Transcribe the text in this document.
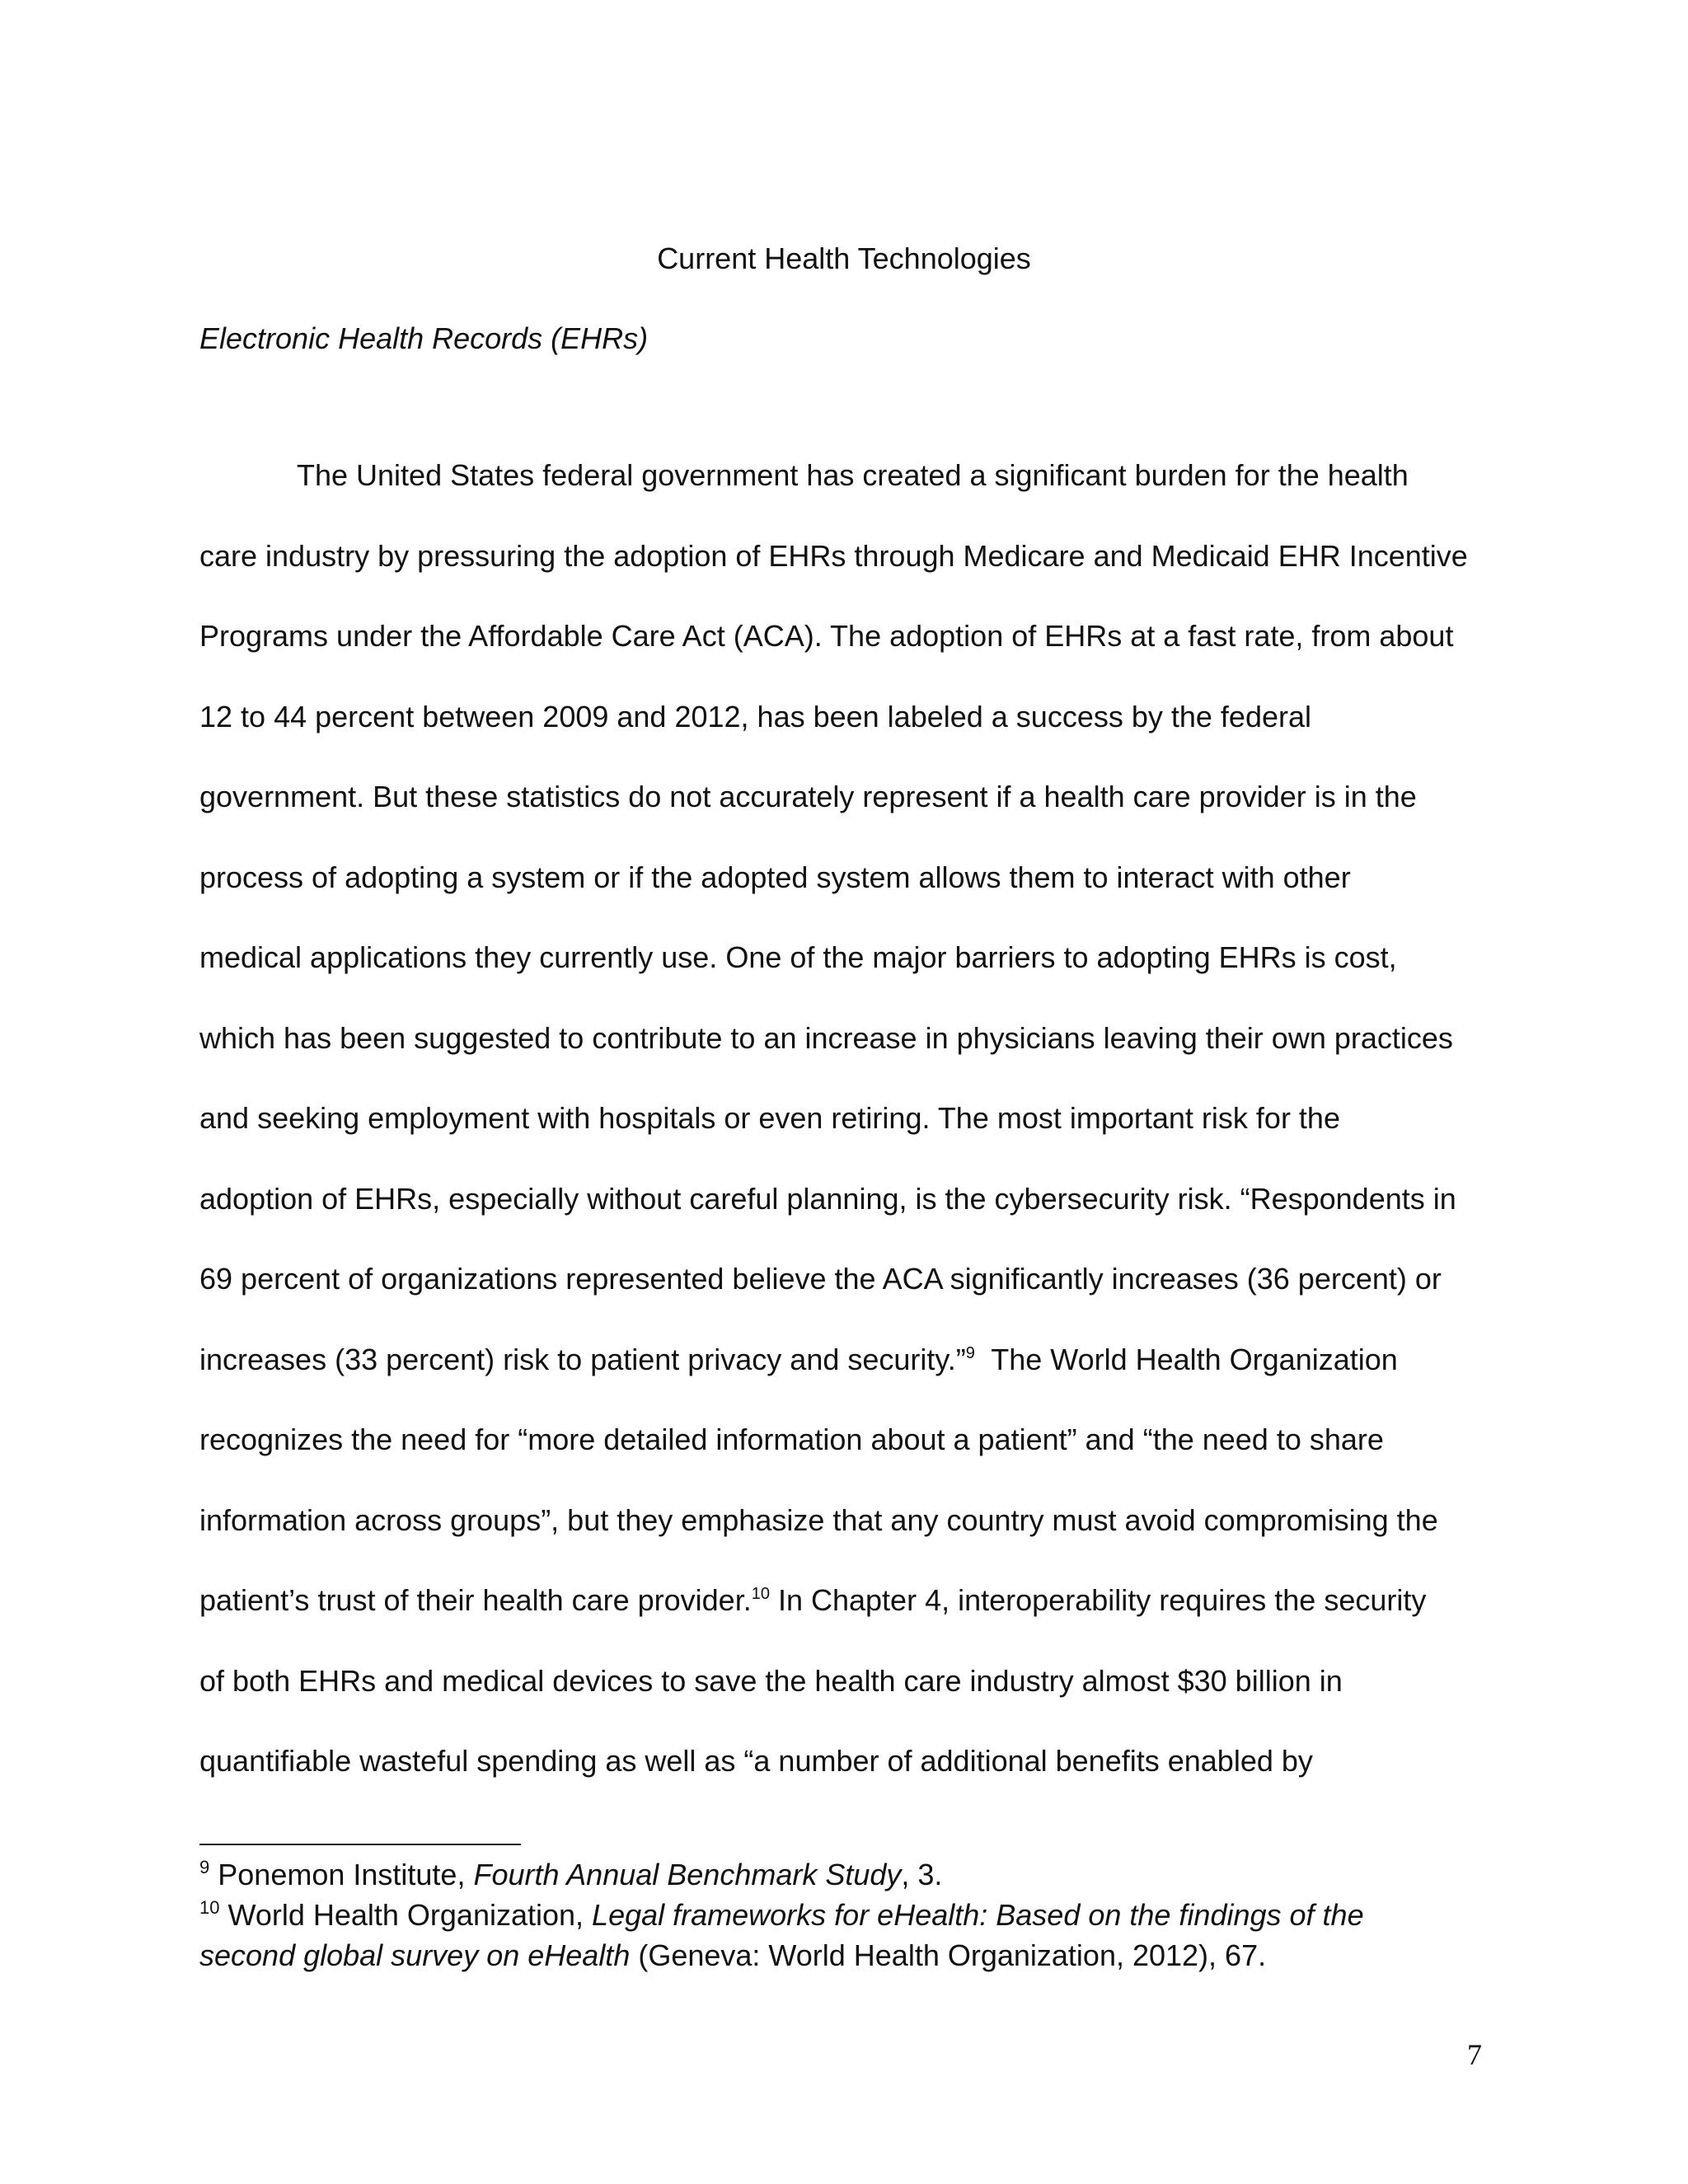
Current Health Technologies
Electronic Health Records (EHRs)
The United States federal government has created a significant burden for the health
care industry by pressuring the adoption of EHRs through Medicare and Medicaid EHR Incentive
Programs under the Affordable Care Act (ACA). The adoption of EHRs at a fast rate, from about
12 to 44 percent between 2009 and 2012, has been labeled a success by the federal
government. But these statistics do not accurately represent if a health care provider is in the
process of adopting a system or if the adopted system allows them to interact with other
medical applications they currently use. One of the major barriers to adopting EHRs is cost,
which has been suggested to contribute to an increase in physicians leaving their own practices
and seeking employment with hospitals or even retiring. The most important risk for the
adoption of EHRs, especially without careful planning, is the cybersecurity risk. “Respondents in
69 percent of organizations represented believe the ACA significantly increases (36 percent) or
increases (33 percent) risk to patient privacy and security.”$^9$  The World Health Organization
recognizes the need for “more detailed information about a patient” and “the need to share
information across groups”, but they emphasize that any country must avoid compromising the
patient’s trust of their health care provider.$^{10}$ In Chapter 4, interoperability requires the security
of both EHRs and medical devices to save the health care industry almost $30 billion in
quantifiable wasteful spending as well as “a number of additional benefits enabled by
$^9$ Ponemon Institute, Fourth Annual Benchmark Study, 3.
$^{10}$ World Health Organization, Legal frameworks for eHealth: Based on the findings of the
second global survey on eHealth (Geneva: World Health Organization, 2012), 67.
7
